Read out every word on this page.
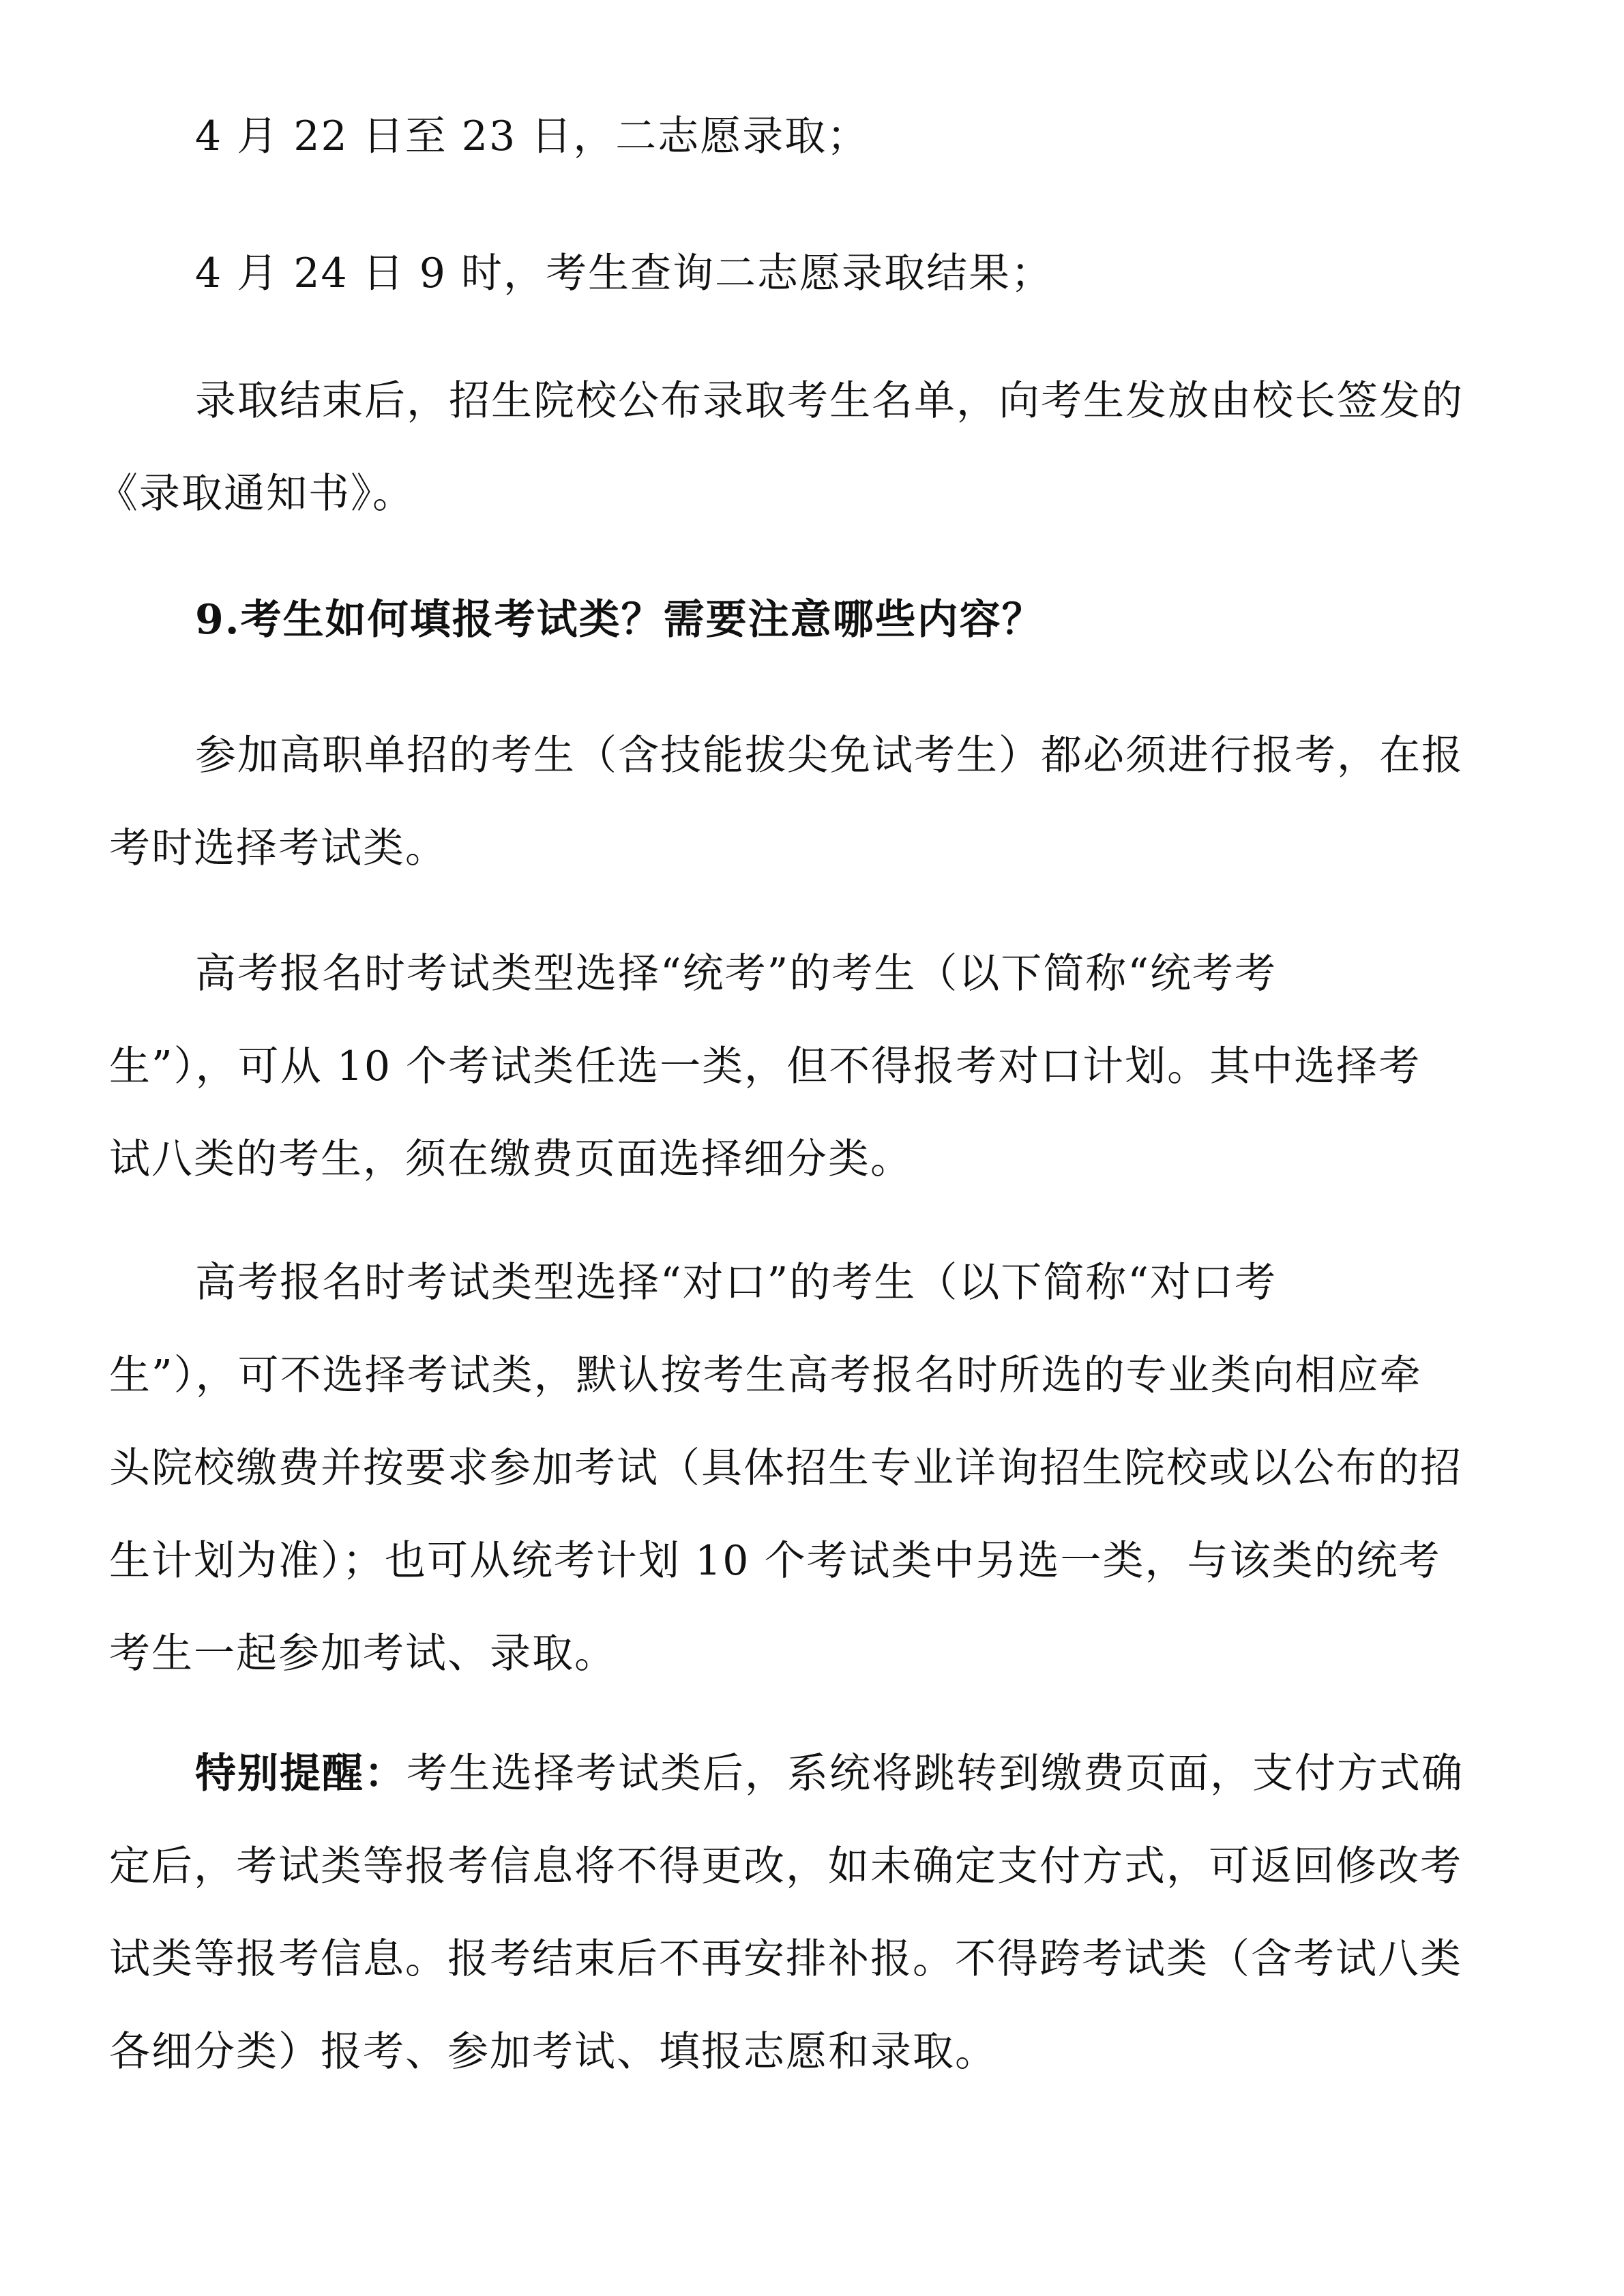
4 月 22 日至 23 日，二志愿录取；
4 月 24 日 9 时，考生查询二志愿录取结果；
录取结束后，招生院校公布录取考生名单，向考生发放由校长签发的
《录取通知书》。
9.考生如何填报考试类？需要注意哪些内容？
参加高职单招的考生（含技能拔尖免试考生）都必须进行报考，在报
考时选择考试类。
高考报名时考试类型选择“统考”的考生（以下简称“统考考
生”），可从 10 个考试类任选一类，但不得报考对口计划。其中选择考
试八类的考生，须在缴费页面选择细分类。
高考报名时考试类型选择“对口”的考生（以下简称“对口考
生”），可不选择考试类，默认按考生高考报名时所选的专业类向相应牵
头院校缴费并按要求参加考试（具体招生专业详询招生院校或以公布的招
生计划为准）；也可从统考计划 10 个考试类中另选一类，与该类的统考
考生一起参加考试、录取。
特别提醒：考生选择考试类后，系统将跳转到缴费页面，支付方式确
定后，考试类等报考信息将不得更改，如未确定支付方式，可返回修改考
试类等报考信息。报考结束后不再安排补报。不得跨考试类（含考试八类
各细分类）报考、参加考试、填报志愿和录取。
